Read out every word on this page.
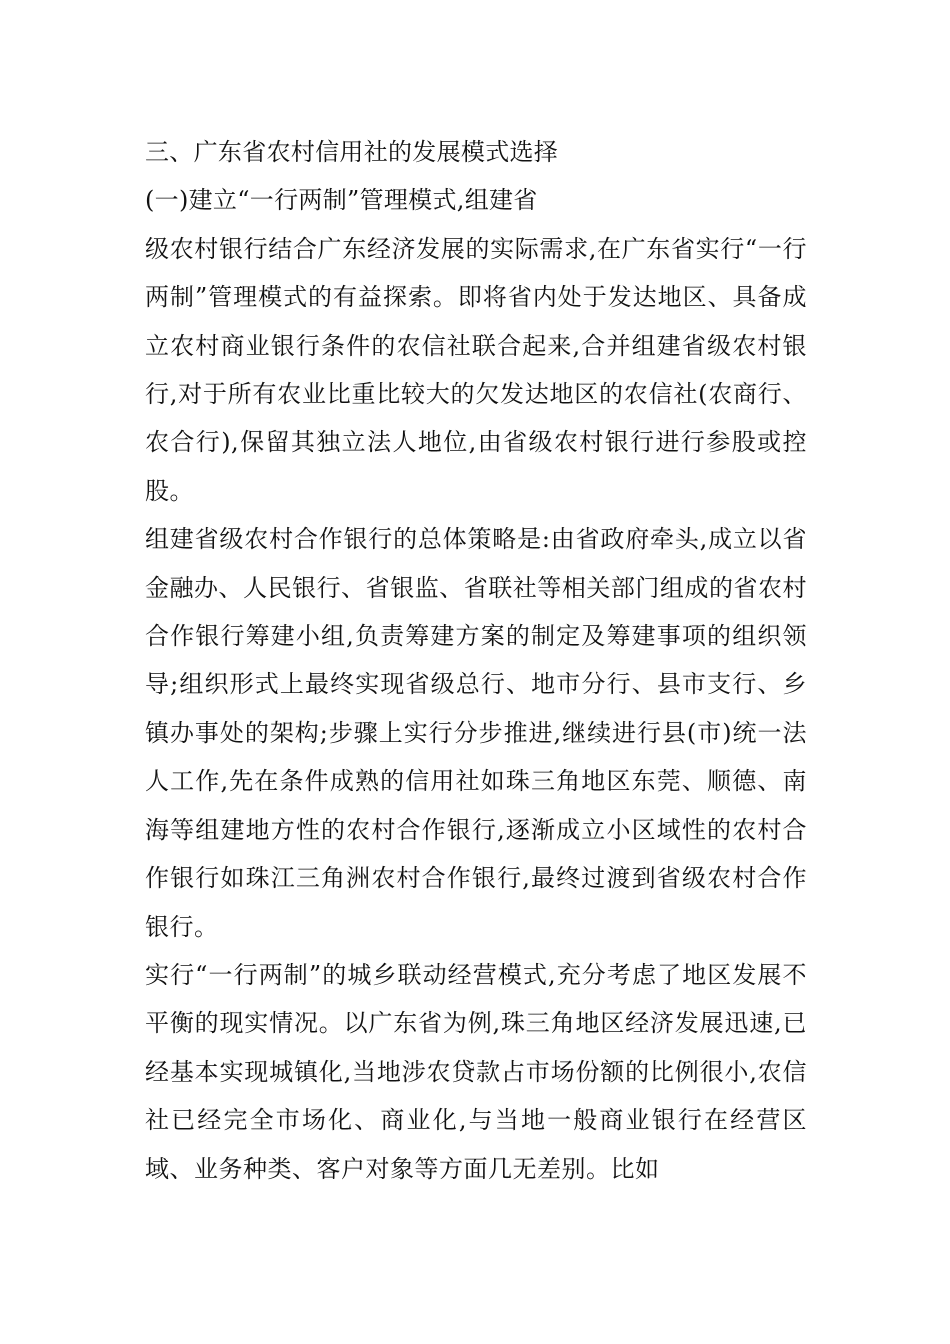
三、广东省农村信用社的发展模式选择

(一)建立“一行两制”管理模式,组建省

级农村银行结合广东经济发展的实际需求,在广东省实行“一行两制”管理模式的有益探索。即将省内处于发达地区、具备成立农村商业银行条件的农信社联合起来,合并组建省级农村银行,对于所有农业比重比较大的欠发达地区的农信社(农商行、农合行),保留其独立法人地位,由省级农村银行进行参股或控股。

组建省级农村合作银行的总体策略是:由省政府牵头,成立以省金融办、人民银行、省银监、省联社等相关部门组成的省农村合作银行筹建小组,负责筹建方案的制定及筹建事项的组织领导;组织形式上最终实现省级总行、地市分行、县市支行、乡镇办事处的架构;步骤上实行分步推进,继续进行县(市)统一法人工作,先在条件成熟的信用社如珠三角地区东莞、顺德、南海等组建地方性的农村合作银行,逐渐成立小区域性的农村合作银行如珠江三角洲农村合作银行,最终过渡到省级农村合作银行。

实行“一行两制”的城乡联动经营模式,充分考虑了地区发展不平衡的现实情况。以广东省为例,珠三角地区经济发展迅速,已经基本实现城镇化,当地涉农贷款占市场份额的比例很小,农信社已经完全市场化、商业化,与当地一般商业银行在经营区域、业务种类、客户对象等方面几无差别。比如
